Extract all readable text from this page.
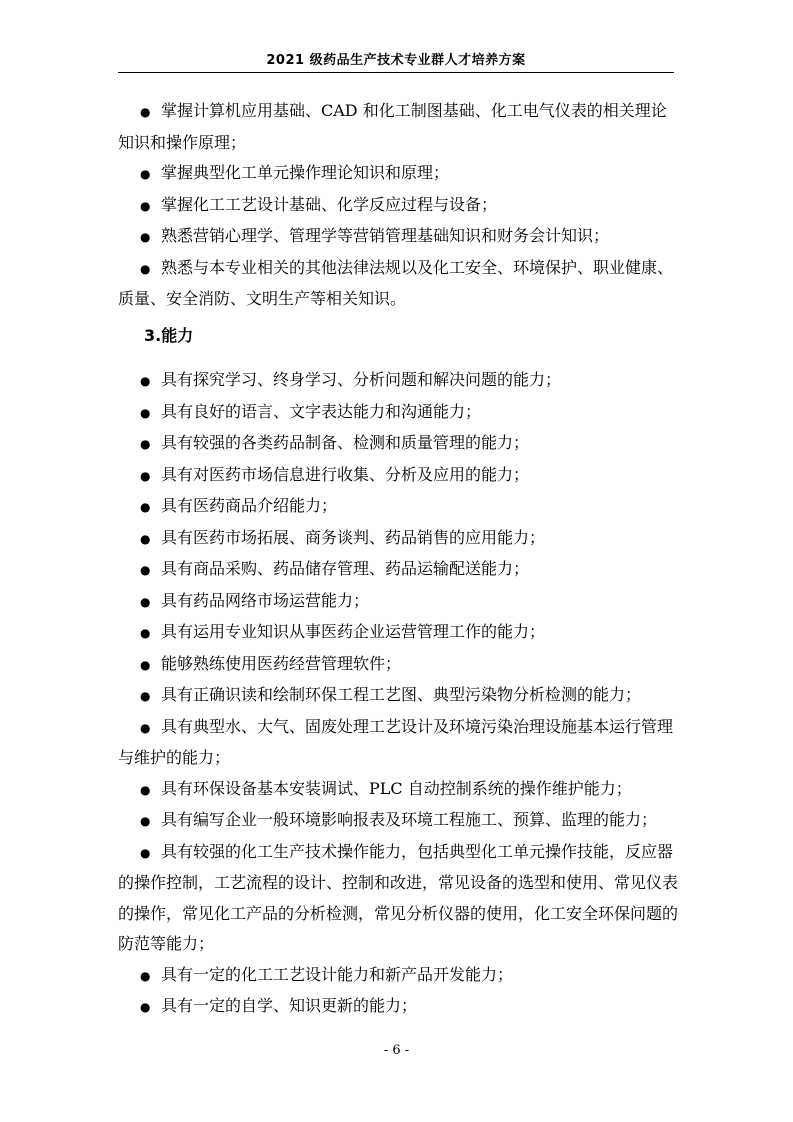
2021 级药品生产技术专业群人才培养方案

● 掌握计算机应用基础、CAD 和化工制图基础、化工电气仪表的相关理论知识和操作原理；

● 掌握典型化工单元操作理论知识和原理；

● 掌握化工工艺设计基础、化学反应过程与设备；

● 熟悉营销心理学、管理学等营销管理基础知识和财务会计知识；

● 熟悉与本专业相关的其他法律法规以及化工安全、环境保护、职业健康、质量、安全消防、文明生产等相关知识。

3.能力

● 具有探究学习、终身学习、分析问题和解决问题的能力；

● 具有良好的语言、文字表达能力和沟通能力；

● 具有较强的各类药品制备、检测和质量管理的能力；

● 具有对医药市场信息进行收集、分析及应用的能力；

● 具有医药商品介绍能力；

● 具有医药市场拓展、商务谈判、药品销售的应用能力；

● 具有商品采购、药品储存管理、药品运输配送能力；

● 具有药品网络市场运营能力；

● 具有运用专业知识从事医药企业运营管理工作的能力；

● 能够熟练使用医药经营管理软件；

● 具有正确识读和绘制环保工程工艺图、典型污染物分析检测的能力；

● 具有典型水、大气、固废处理工艺设计及环境污染治理设施基本运行管理与维护的能力；

● 具有环保设备基本安装调试、PLC 自动控制系统的操作维护能力；

● 具有编写企业一般环境影响报表及环境工程施工、预算、监理的能力；

● 具有较强的化工生产技术操作能力，包括典型化工单元操作技能，反应器的操作控制，工艺流程的设计、控制和改进，常见设备的选型和使用、常见仪表的操作，常见化工产品的分析检测，常见分析仪器的使用，化工安全环保问题的防范等能力；

● 具有一定的化工工艺设计能力和新产品开发能力；

● 具有一定的自学、知识更新的能力；

- 6 -
